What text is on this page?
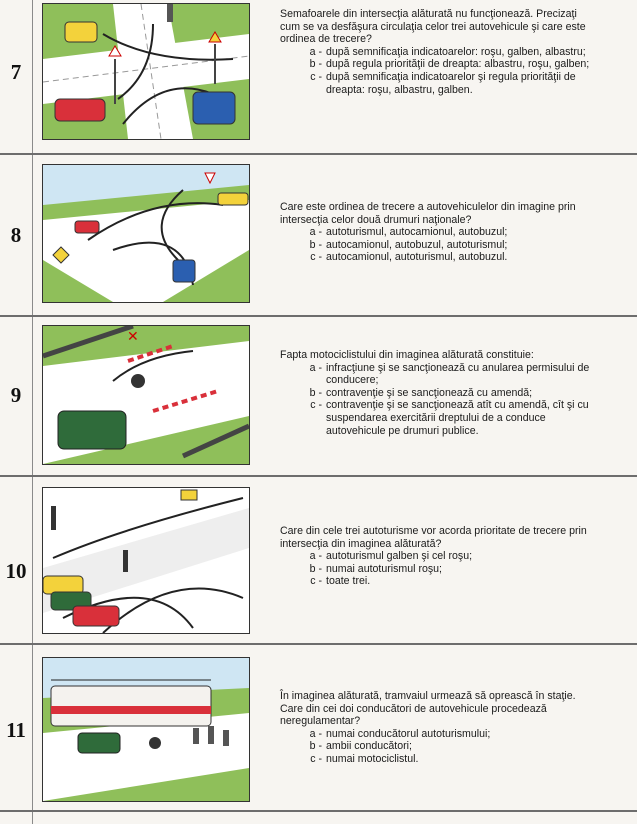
7
Semafoarele din intersecţia alăturată nu funcţionează. Precizaţi cum se va desfăşura circulaţia celor trei autovehicule şi care este ordinea de trecere?
a - după semnificaţia indicatoarelor: roşu, galben, albastru;
b - după regula priorităţii de dreapta: albastru, roşu, galben;
c - după semnificaţia indicatoarelor şi regula priorităţii de dreapta: roşu, albastru, galben.
8
Care este ordinea de trecere a autovehiculelor din imagine prin intersecţia celor două drumuri naţionale?
a - autoturismul, autocamionul, autobuzul;
b - autocamionul, autobuzul, autoturismul;
c - autocamionul, autoturismul, autobuzul.
9
✕
Fapta motociclistului din imaginea alăturată constituie:
a - infracţiune şi se sancţionează cu anularea permisului de conducere;
b - contravenţie şi se sancţionează cu amendă;
c - contravenţie şi se sancţionează atît cu amendă, cît şi cu suspendarea exercitării dreptului de a conduce autovehicule pe drumuri publice.
10
Care din cele trei autoturisme vor acorda prioritate de trecere prin intersecţia din imaginea alăturată?
a - autoturismul galben şi cel roşu;
b - numai autoturismul roşu;
c - toate trei.
11
În imaginea alăturată, tramvaiul urmează să oprească în staţie. Care din cei doi conducători de autovehicule procedează neregulamentar?
a - numai conducătorul autoturismului;
b - ambii conducători;
c - numai motociclistul.
